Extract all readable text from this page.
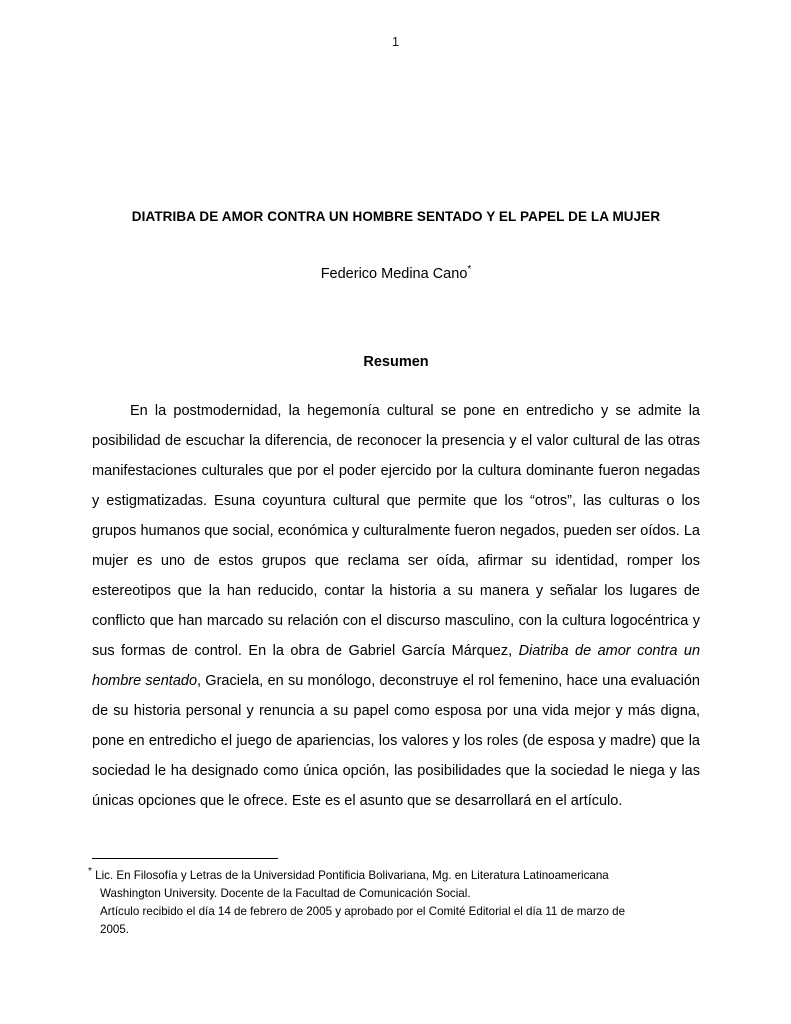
1
DIATRIBA DE AMOR CONTRA UN HOMBRE SENTADO Y EL PAPEL DE LA MUJER
Federico Medina Cano*
Resumen

En la postmodernidad, la hegemonía cultural se pone en entredicho y se admite la posibilidad de escuchar la diferencia, de reconocer la presencia y el valor cultural de las otras manifestaciones culturales que por el poder ejercido por la cultura dominante fueron negadas y estigmatizadas. Esuna coyuntura cultural que permite que los “otros”, las culturas o los grupos humanos que social, económica y culturalmente fueron negados, pueden ser oídos. La mujer es uno de estos grupos que reclama ser oída, afirmar su identidad, romper los estereotipos que la han reducido, contar la historia a su manera y señalar los lugares de conflicto que han marcado su relación con el discurso masculino, con la cultura logocéntrica y sus formas de control. En la obra de Gabriel García Márquez, Diatriba de amor contra un hombre sentado, Graciela, en su monólogo, deconstruye el rol femenino, hace una evaluación de su historia personal y renuncia a su papel como esposa por una vida mejor y más digna, pone en entredicho el juego de apariencias, los valores y los roles (de esposa y madre) que la sociedad le ha designado como única opción, las posibilidades que la sociedad le niega y las únicas opciones que le ofrece. Este es el asunto que se desarrollará en el artículo.

* Lic. En Filosofía y Letras de la Universidad Pontificia Bolivariana, Mg. en Literatura Latinoamericana
Washington University. Docente de la Facultad de Comunicación Social.
Artículo recibido el día 14 de febrero de 2005 y aprobado por el Comité Editorial el día 11 de marzo de
2005.
